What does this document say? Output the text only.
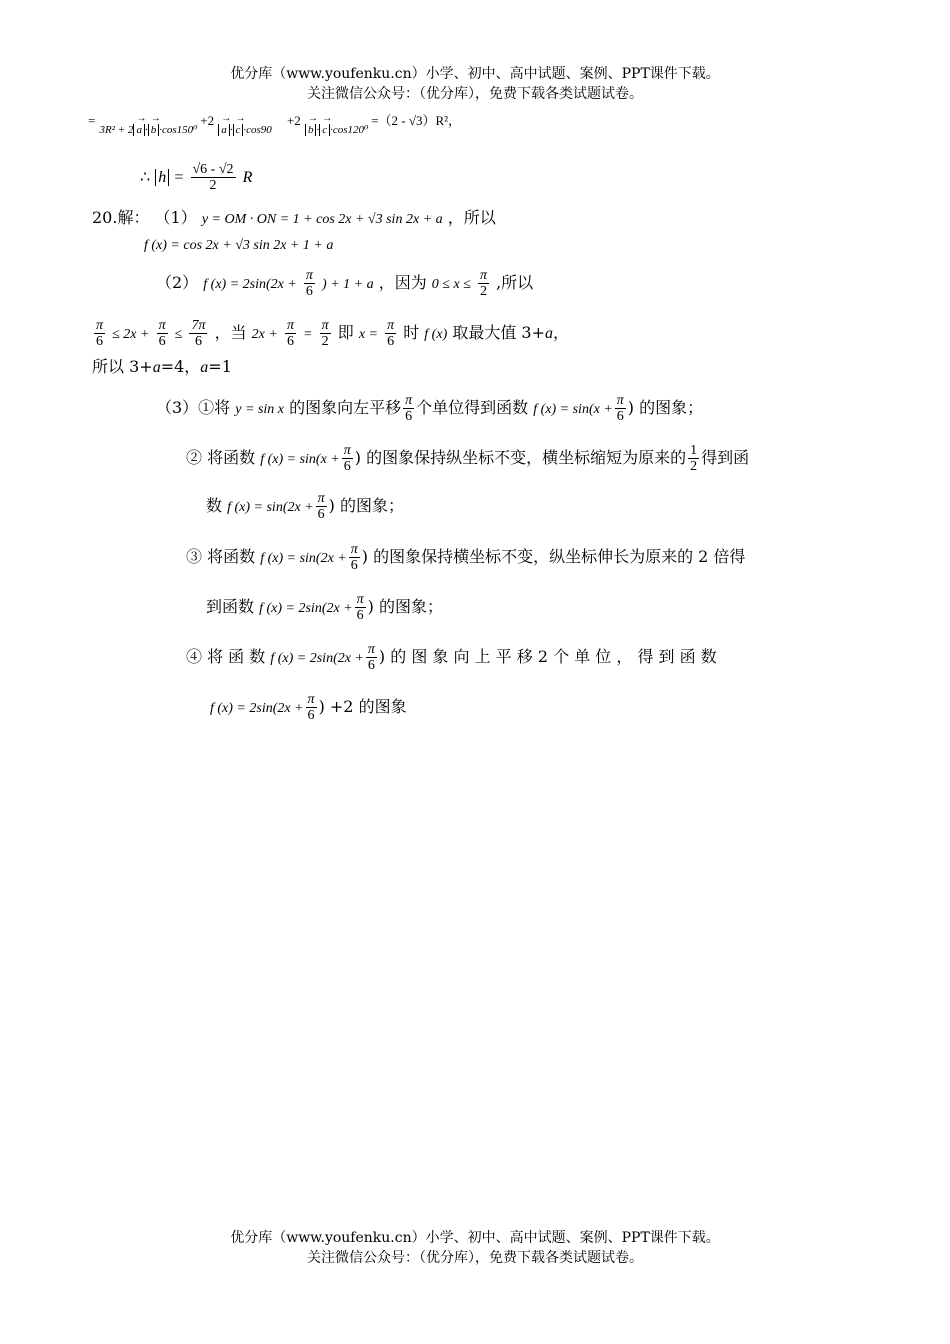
优分库（www.youfenku.cn）小学、初中、高中试题、案例、PPT课件下载。
关注微信公众号：（优分库），免费下载各类试题试卷。
= $_{3R^2 + 2 \to a \cdot \to b \cdot cos150^0}$ +2 → $_{a \cdot \to c \cdot cos90}$    +2 → $_{b \cdot \to c \cdot cos120^0}$ =（2 - √3）R²，
∴ $h = \frac{√6 - √2}{2}$ R
20.解： （1） y = OM · ON = 1 + cos 2x + √3 sin 2x + a ，所以
f (x) = cos 2x + √3 sin 2x + 1 + a
（2） f $(x) = 2\sin(2x + \frac{\pi}{6}$ ) + 1 + a ，因为 $0 \le x \le \frac{\pi}{2}$ ,所以
$\frac{\pi}{6} \le 2x + \frac{\pi}{6} \le \frac{7\pi}{6}$ ，当 $2x + \frac{\pi}{6} = \frac{\pi}{2}$ 即 $x = \frac{\pi}{6}$ 时 f (x) 取最大值 3+a，
所以 3+a=4，a=1
（3）①将 y = sin x 的图象向左平移 $\frac{\pi}{6}$ 个单位得到函数 f $(x) = \sin(x + \frac{\pi}{6}$ ) 的图象；
② 将函数 f $(x) = \sin(x + \frac{\pi}{6}$ ) 的图象保持纵坐标不变，横坐标缩短为原来的 $\frac{1}{2}$ 得到函
数 f $(x) = \sin(2x + \frac{\pi}{6}$ ) 的图象；
③ 将函数 f $(x) = \sin(2x + \frac{\pi}{6}$ ) 的图象保持横坐标不变，纵坐标伸长为原来的 2 倍得
到函数 f $(x) = 2\sin(2x + \frac{\pi}{6}$ ) 的图象；
④ 将 函 数 f $(x) = 2\sin(2x + \frac{\pi}{6}$ ) 的 图 象 向 上 平 移 2 个 单 位 ， 得 到 函 数
f $(x) = 2\sin(2x + \frac{\pi}{6}$ ) +2 的图象
优分库（www.youfenku.cn）小学、初中、高中试题、案例、PPT课件下载。
关注微信公众号：（优分库），免费下载各类试题试卷。
